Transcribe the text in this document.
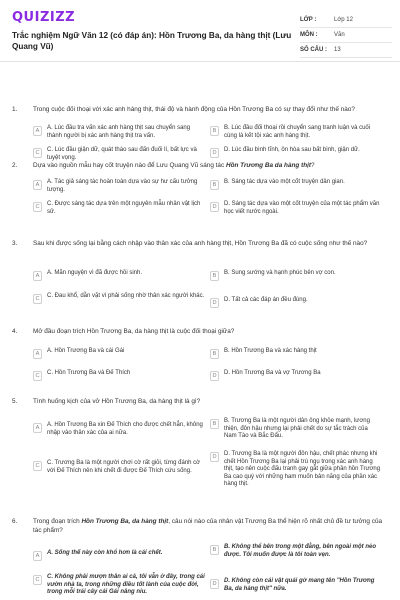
QUIZIZZ
Trắc nghiệm Ngữ Văn 12 (có đáp án): Hồn Trương Ba, da hàng thịt (Lưu Quang Vũ)
LỚP :	Lớp 12
MÔN :	Văn
SỐ CÂU :	13
1.	Trong cuộc đối thoại với xác anh hàng thịt, thái độ và hành động của Hồn Trương Ba có sự thay đổi như thế nào?
A	A. Lúc đầu tra vấn xác anh hàng thịt sau chuyển sang thành người bị xác anh hàng thịt tra vấn.
B	B. Lúc đầu đối thoại rồi chuyển sang tranh luận và cuối cùng là kết tội xác anh hàng thịt.
C	C. Lúc đầu giận dữ, quát tháo sau đấn đuối lí, bất lực và tuyệt vọng.
D	D. Lúc đầu bình tĩnh, ôn hòa sau bất bình, giận dữ.
2.	Dựa vào nguồn mẫu hay cốt truyện nào để Lưu Quang Vũ sáng tác Hồn Trương Ba da hàng thịt?
A	A. Tác giả sáng tác hoàn toàn dựa vào sự hư cấu tưởng tượng.
B	B. Sáng tác dựa vào một cốt truyện dân gian.
C	C. Được sáng tác dựa trên một nguyên mẫu nhân vật lịch sử.
D	D. Sáng tác dựa vào một cốt truyện của một tác phẩm văn học viết nước ngoài.
3.	Sau khi được sống lại bằng cách nhập vào thân xác của anh hàng thịt, Hồn Trương Ba đã có cuộc sống như thế nào?
A	A. Mãn nguyện vì đã được hồi sinh.	B	B. Sung sướng và hạnh phúc bên vợ con.
C	C. Đau khổ, dằn vặt vì phải sống nhờ thân xác người khác.
D	D. Tất cả các đáp án đều đúng.
4.	Mở đầu đoạn trích Hồn Trương Ba, da hàng thịt là cuộc đối thoại giữa?
A	A. Hồn Trương Ba và cái Gái	B	B. Hồn Trương Ba và xác hàng thịt
C	C. Hồn Trương Ba và Đế Thích	D	D. Hồn Trương Ba và vợ Trương Ba
5.	Tình huống kịch của vở Hồn Trương Ba, da hàng thịt là gì?
A	A. Hồn Trương Ba xin Đế Thích cho được chết hẳn, không nhập vào thân xác của ai nữa.
B	B. Trương Ba là một người dân ông khỏe mạnh, lương thiện, đôn hậu nhưng lại phải chết do sự tắc trách của Nam Tào và Bắc Đẩu.
C	C. Trương Ba là một người chơi cờ rất giỏi, từng đánh cờ với Đế Thích nên khi chết đi được Đế Thích cứu sống.
D	D. Trương Ba là một người đôn hậu, chết phác nhưng khi chết Hồn Trương Ba lại phải trú ngụ trong xác anh hàng thịt, tạo nên cuộc đấu tranh gay gắt giữa phần hồn Trương Ba cao quý với những ham muốn bản năng của phần xác hàng thịt.
6.	Trong đoạn trích Hồn Trương Ba, da hàng thịt, câu nói nào của nhân vật Trương Ba thể hiện rõ nhất chủ đề tư tưởng của tác phẩm?
A	A. Sống thế này còn khổ hơn là cái chết.	B	B. Không thể bên trong một đằng, bên ngoài một nẻo được. Tôi muốn được là tôi toàn vẹn.
C	C. Không phải mượn thân ai cả, tôi vẫn ở đây, trong cái vườn nhà ta, trong những điều tốt lành của cuộc đời, trong mỗi trái cây cái Gái nâng niu.
D	D. Không còn cái vật quái gở mang tên "Hồn Trương Ba, da hàng thịt" nữa.
